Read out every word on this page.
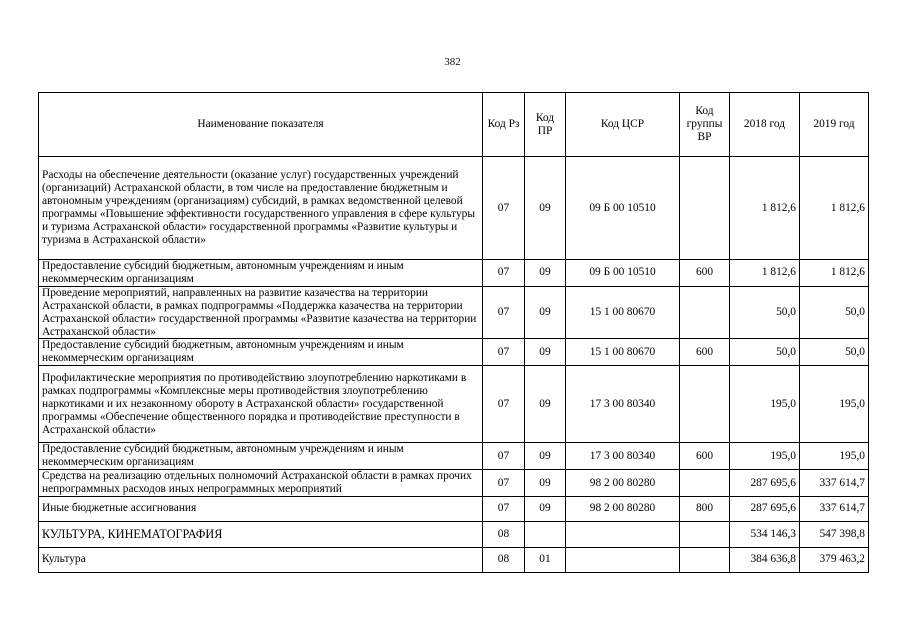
382
Наименование показателя	Код Рз	Код ПР	Код ЦСР	Код группы ВР	2018 год	2019 год
Расходы на обеспечение деятельности (оказание услуг) государственных учреждений (организаций) Астраханской области, в том числе на предоставление бюджетным и автономным учреждениям (организациям) субсидий, в рамках ведомственной целевой программы «Повышение эффективности государственного управления в сфере культуры и туризма Астраханской области» государственной программы «Развитие культуры и туризма в Астраханской области»	07	09	09 Б 00 10510		1 812,6	1 812,6
Предоставление субсидий бюджетным, автономным учреждениям и иным некоммерческим организациям	07	09	09 Б 00 10510	600	1 812,6	1 812,6
Проведение мероприятий, направленных на развитие казачества на территории Астраханской области, в рамках подпрограммы «Поддержка казачества на территории Астраханской области» государственной программы «Развитие казачества на территории Астраханской области»	07	09	15 1 00 80670		50,0	50,0
Предоставление субсидий бюджетным, автономным учреждениям и иным некоммерческим организациям	07	09	15 1 00 80670	600	50,0	50,0
Профилактические мероприятия по противодействию злоупотреблению наркотиками в рамках подпрограммы «Комплексные меры противодействия злоупотреблению наркотиками и их незаконному обороту в Астраханской области» государственной программы «Обеспечение общественного порядка и противодействие преступности в Астраханской области»	07	09	17 3 00 80340		195,0	195,0
Предоставление субсидий бюджетным, автономным учреждениям и иным некоммерческим организациям	07	09	17 3 00 80340	600	195,0	195,0
Средства на реализацию отдельных полномочий Астраханской области в рамках прочих непрограммных расходов иных непрограммных мероприятий	07	09	98 2 00 80280		287 695,6	337 614,7
Иные бюджетные ассигнования	07	09	98 2 00 80280	800	287 695,6	337 614,7
КУЛЬТУРА, КИНЕМАТОГРАФИЯ	08				534 146,3	547 398,8
Культура	08	01			384 636,8	379 463,2
